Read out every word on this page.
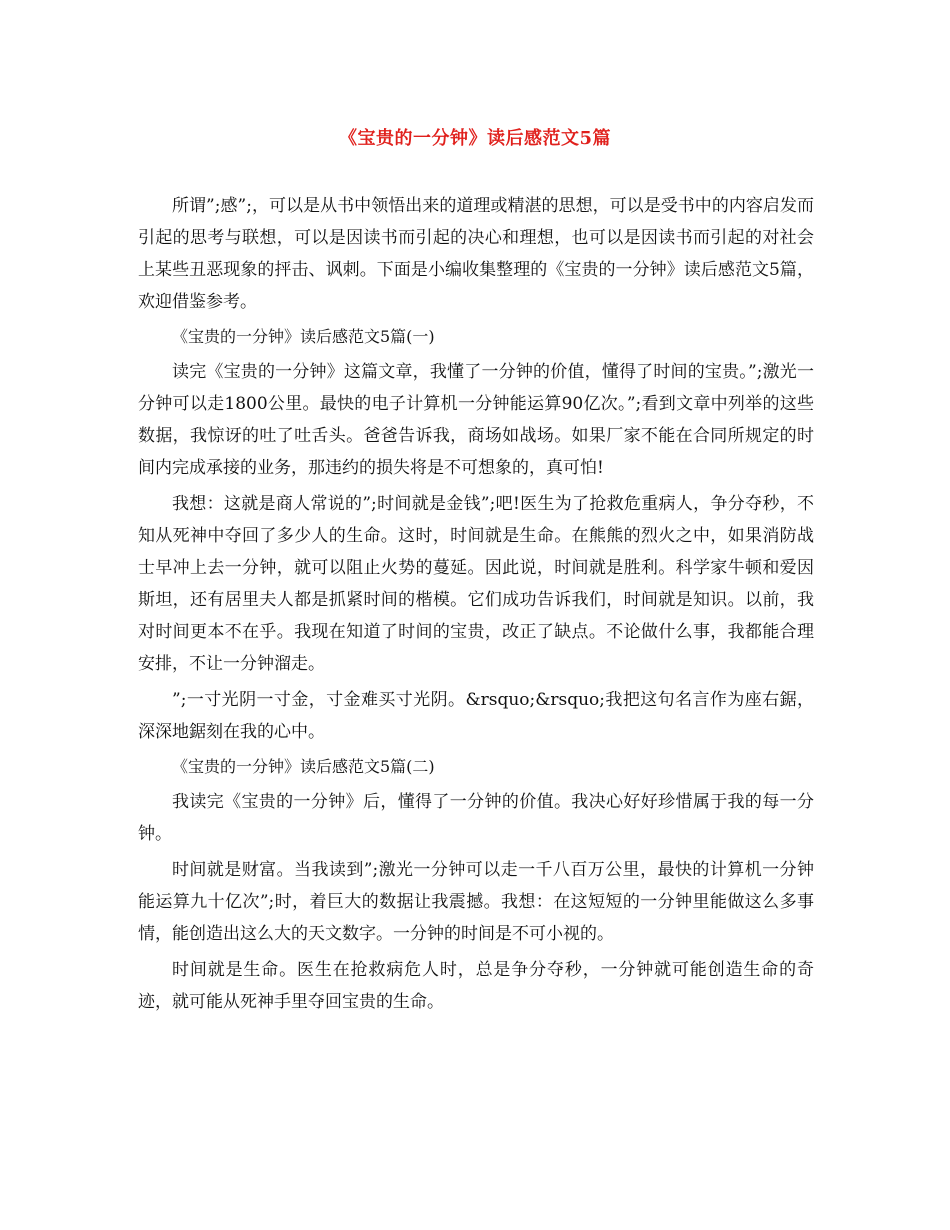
《宝贵的一分钟》读后感范文5篇

所谓”;感”;，可以是从书中领悟出来的道理或精湛的思想，可以是受书中的内容启发而引起的思考与联想，可以是因读书而引起的决心和理想，也可以是因读书而引起的对社会上某些丑恶现象的抨击、讽刺。下面是小编收集整理的《宝贵的一分钟》读后感范文5篇，欢迎借鉴参考。

《宝贵的一分钟》读后感范文5篇(一)

读完《宝贵的一分钟》这篇文章，我懂了一分钟的价值，懂得了时间的宝贵。”;激光一分钟可以走1800公里。最快的电子计算机一分钟能运算90亿次。”;看到文章中列举的这些数据，我惊讶的吐了吐舌头。爸爸告诉我，商场如战场。如果厂家不能在合同所规定的时间内完成承接的业务，那违约的损失将是不可想象的，真可怕!

我想：这就是商人常说的”;时间就是金钱”;吧!医生为了抢救危重病人，争分夺秒，不知从死神中夺回了多少人的生命。这时，时间就是生命。在熊熊的烈火之中，如果消防战士早冲上去一分钟，就可以阻止火势的蔓延。因此说，时间就是胜利。科学家牛顿和爱因斯坦，还有居里夫人都是抓紧时间的楷模。它们成功告诉我们，时间就是知识。以前，我对时间更本不在乎。我现在知道了时间的宝贵，改正了缺点。不论做什么事，我都能合理安排，不让一分钟溜走。

”;一寸光阴一寸金，寸金难买寸光阴。&rsquo;&rsquo;我把这句名言作为座右鋸，深深地鋸刻在我的心中。

《宝贵的一分钟》读后感范文5篇(二)

我读完《宝贵的一分钟》后，懂得了一分钟的价值。我决心好好珍惜属于我的每一分钟。

时间就是财富。当我读到”;激光一分钟可以走一千八百万公里，最快的计算机一分钟能运算九十亿次”;时，着巨大的数据让我震撼。我想：在这短短的一分钟里能做这么多事情，能创造出这么大的天文数字。一分钟的时间是不可小视的。

时间就是生命。医生在抢救病危人时，总是争分夺秒，一分钟就可能创造生命的奇迹，就可能从死神手里夺回宝贵的生命。
